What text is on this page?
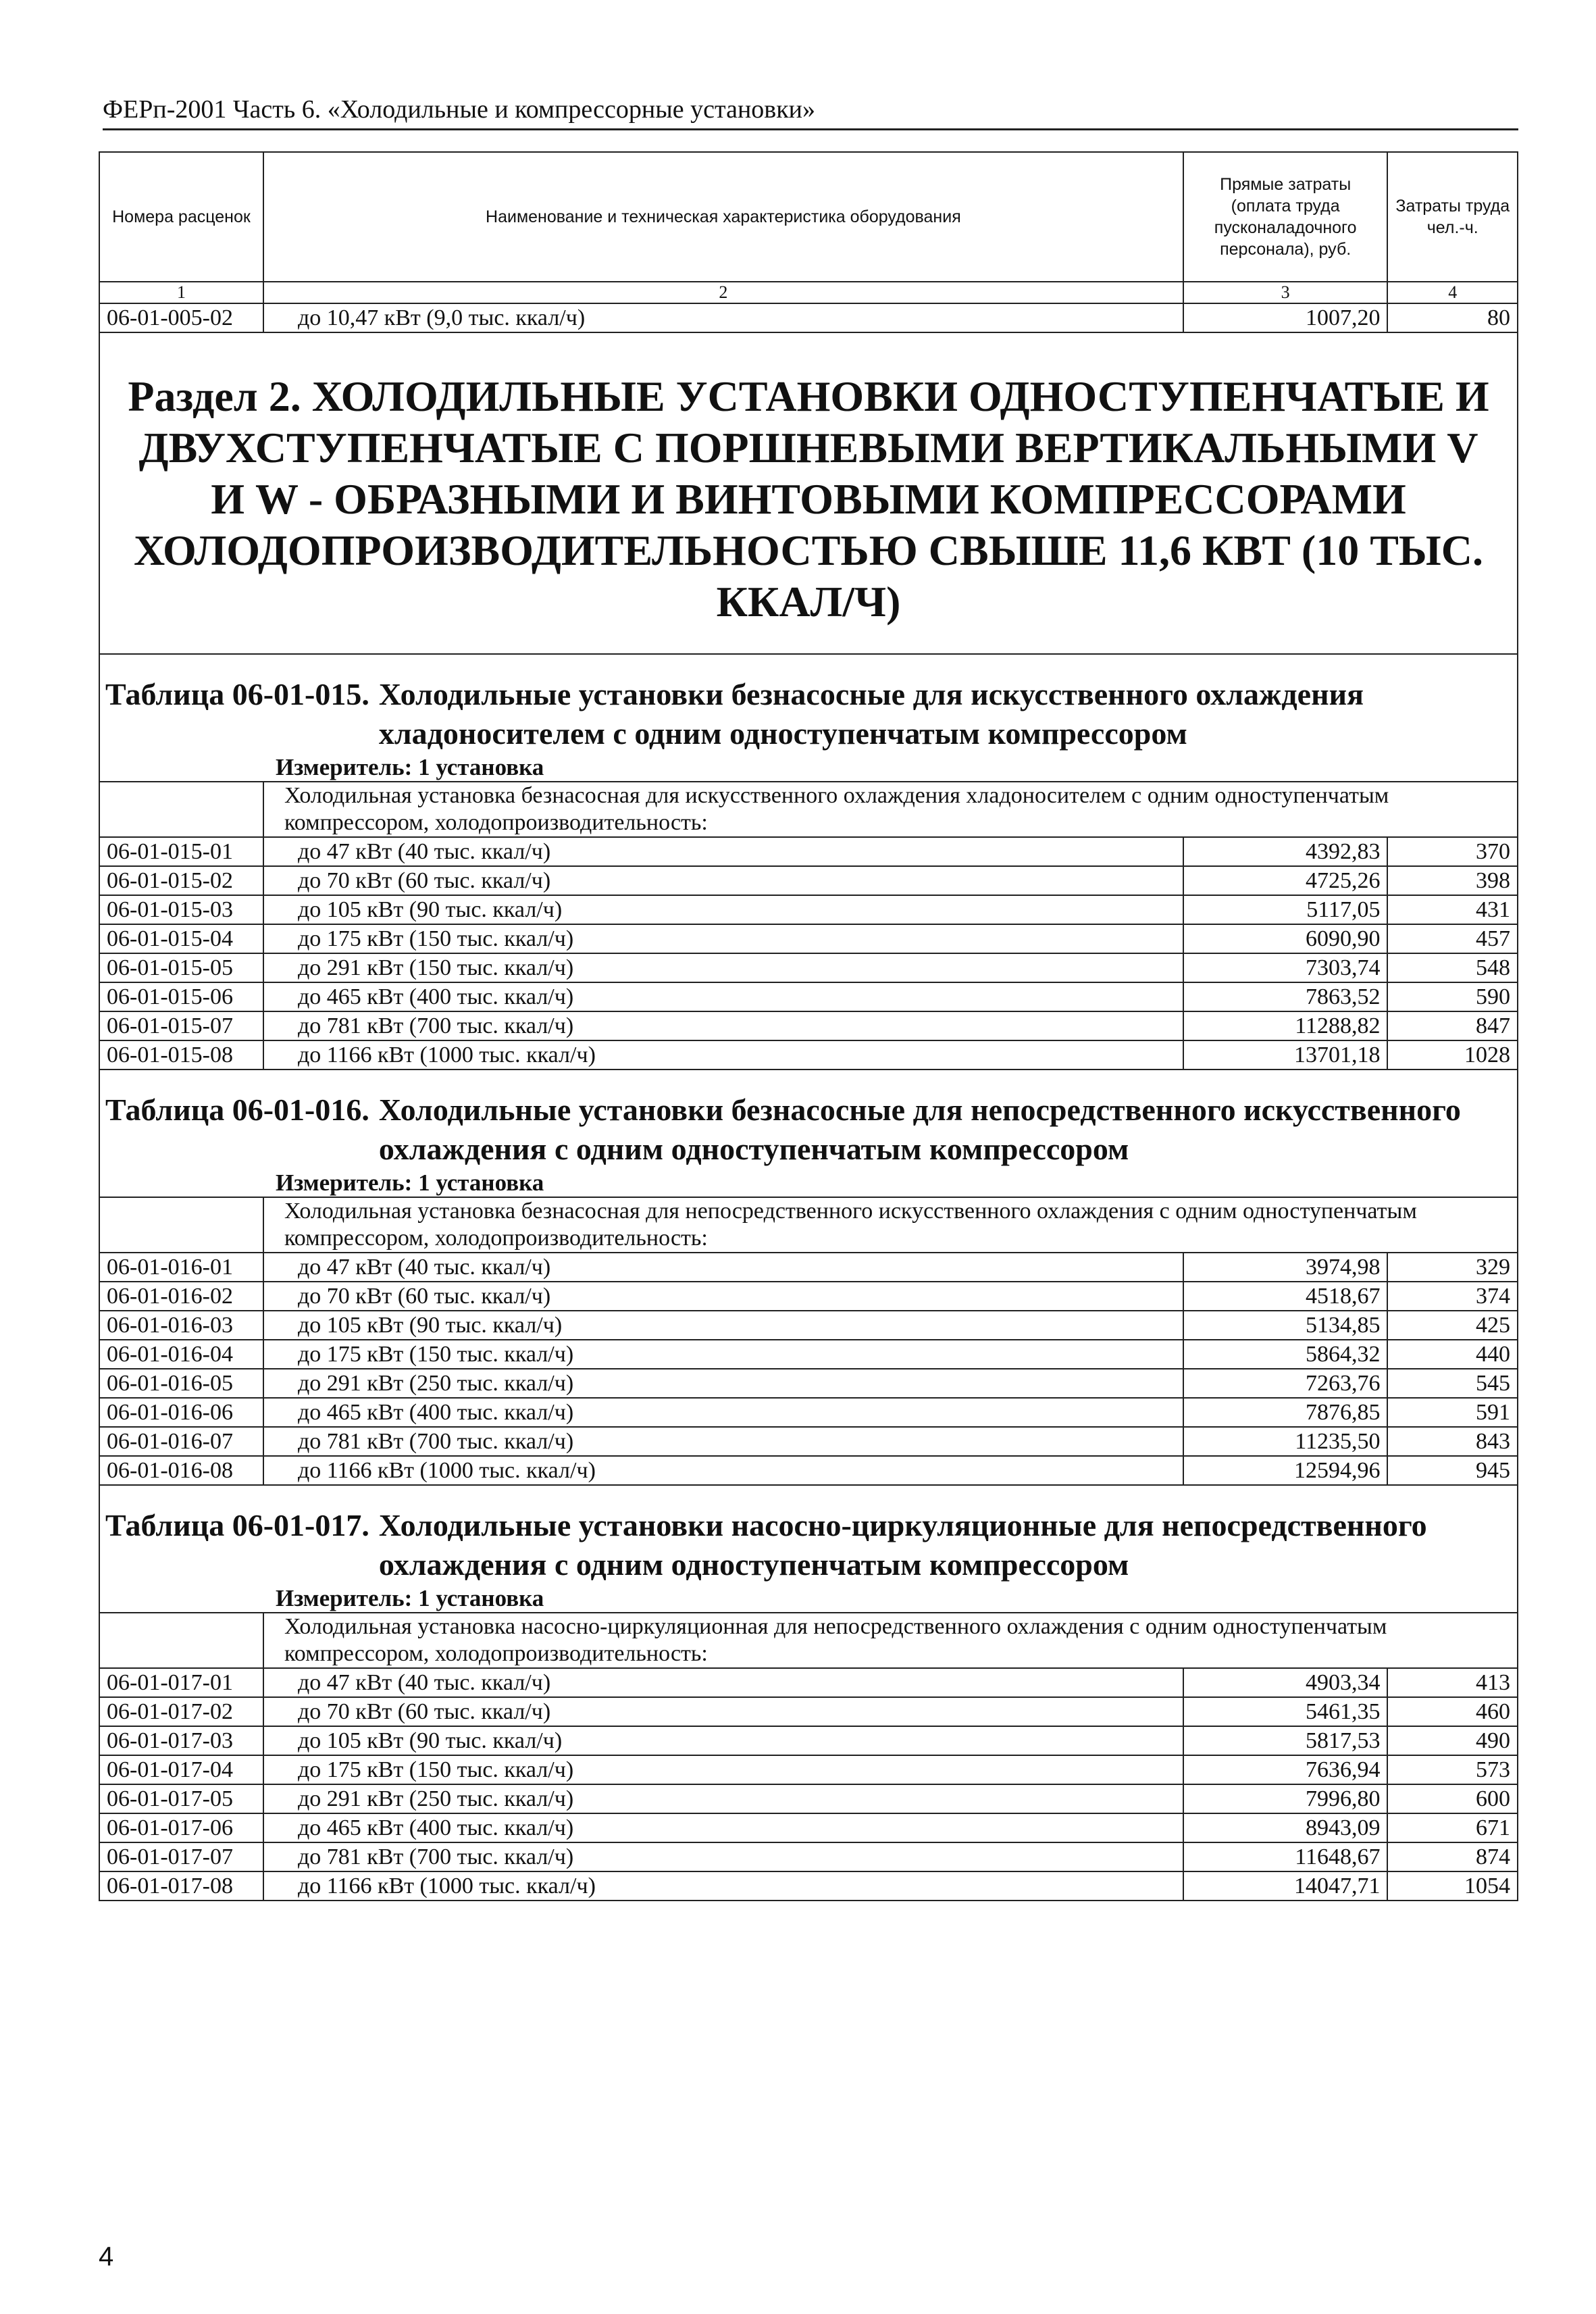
ФЕРп-2001 Часть 6. «Холодильные и компрессорные установки»
Номера расценок	Наименование и техническая характеристика оборудования	Прямые затраты (оплата труда пусконаладочного персонала), руб.	Затраты труда чел.-ч.
1	2	3	4
06-01-005-02	до 10,47 кВт (9,0 тыс. ккал/ч)	1007,20	80
Раздел 2. ХОЛОДИЛЬНЫЕ УСТАНОВКИ ОДНОСТУПЕНЧАТЫЕ И ДВУХСТУПЕНЧАТЫЕ С ПОРШНЕВЫМИ ВЕРТИКАЛЬНЫМИ V И W - ОБРАЗНЫМИ И ВИНТОВЫМИ КОМПРЕССОРАМИ ХОЛОДОПРОИЗВОДИТЕЛЬНОСТЬЮ СВЫШЕ 11,6 КВТ (10 ТЫС. ККАЛ/Ч)			

Таблица 06-01-015. Холодильные установки безнасосные для искусственного охлаждения хладоносителем с одним одноступенчатым компрессором			

Измеритель: 1 установка			
	Холодильная установка безнасосная для искусственного охлаждения хладоносителем с одним одноступенчатым компрессором, холодопроизводительность:		
06-01-015-01	до 47 кВт (40 тыс. ккал/ч)	4392,83	370
06-01-015-02	до 70 кВт (60 тыс. ккал/ч)	4725,26	398
06-01-015-03	до 105 кВт (90 тыс. ккал/ч)	5117,05	431
06-01-015-04	до 175 кВт (150 тыс. ккал/ч)	6090,90	457
06-01-015-05	до 291 кВт (150 тыс. ккал/ч)	7303,74	548
06-01-015-06	до 465 кВт (400 тыс. ккал/ч)	7863,52	590
06-01-015-07	до 781 кВт (700 тыс. ккал/ч)	11288,82	847
06-01-015-08	до 1166 кВт (1000 тыс. ккал/ч)	13701,18	1028

Таблица 06-01-016. Холодильные установки безнасосные для непосредственного искусственного охлаждения с одним одноступенчатым компрессором			

Измеритель: 1 установка			
	Холодильная установка безнасосная для непосредственного искусственного охлаждения с одним одноступенчатым компрессором, холодопроизводительность:		
06-01-016-01	до 47 кВт (40 тыс. ккал/ч)	3974,98	329
06-01-016-02	до 70 кВт (60 тыс. ккал/ч)	4518,67	374
06-01-016-03	до 105 кВт (90 тыс. ккал/ч)	5134,85	425
06-01-016-04	до 175 кВт (150 тыс. ккал/ч)	5864,32	440
06-01-016-05	до 291 кВт (250 тыс. ккал/ч)	7263,76	545
06-01-016-06	до 465 кВт (400 тыс. ккал/ч)	7876,85	591
06-01-016-07	до 781 кВт (700 тыс. ккал/ч)	11235,50	843
06-01-016-08	до 1166 кВт (1000 тыс. ккал/ч)	12594,96	945

Таблица 06-01-017. Холодильные установки насосно-циркуляционные для непосредственного охлаждения с одним одноступенчатым компрессором			

Измеритель: 1 установка			
	Холодильная установка насосно-циркуляционная для непосредственного охлаждения с одним одноступенчатым компрессором, холодопроизводительность:		
06-01-017-01	до 47 кВт (40 тыс. ккал/ч)	4903,34	413
06-01-017-02	до 70 кВт (60 тыс. ккал/ч)	5461,35	460
06-01-017-03	до 105 кВт (90 тыс. ккал/ч)	5817,53	490
06-01-017-04	до 175 кВт (150 тыс. ккал/ч)	7636,94	573
06-01-017-05	до 291 кВт (250 тыс. ккал/ч)	7996,80	600
06-01-017-06	до 465 кВт (400 тыс. ккал/ч)	8943,09	671
06-01-017-07	до 781 кВт (700 тыс. ккал/ч)	11648,67	874
06-01-017-08	до 1166 кВт (1000 тыс. ккал/ч)	14047,71	1054
4
